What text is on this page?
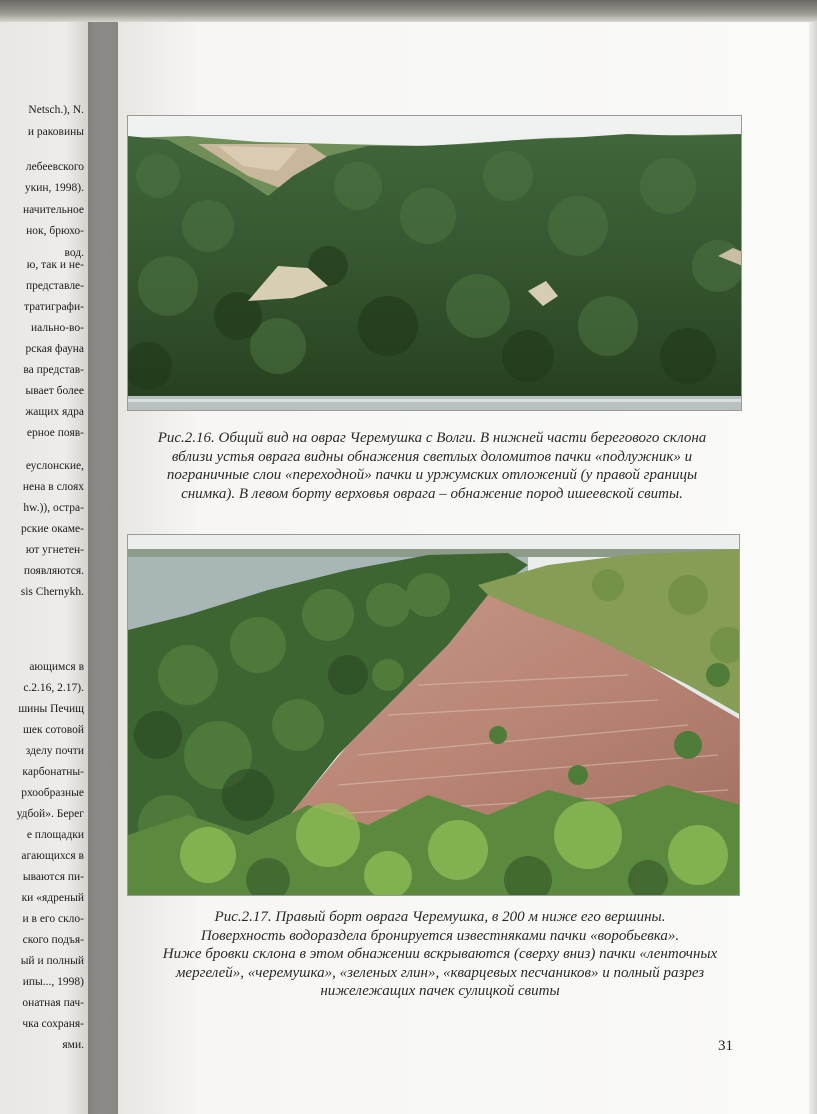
Netsch.), N.
и раковины
лебеевского
укин, 1998).
начительное
нок, брюхо-
вод.
ю, так и не-
представле-
тратиграфи-
иально-во-
рская фауна
ва представ-
ывает более
жащих ядра
ерное появ-
еуслонские,
нена в слоях
hw.)), остра-
рские окаме-
ют угнетен-
появляются.
sis Chernykh.
ающимся в
с.2.16, 2.17).
шины Печищ
шек сотовой
зделу почти
карбонатны-
рхообразные
удбой». Берег
е площадки
агающихся в
ываются пи-
ки «ядреный
и в его скло-
ского подъя-
ый и полный
ипы..., 1998)
онатная пач-
чка сохраня-
ями.
Рис.2.16. Общий вид на овраг Черемушка с Волги. В нижней части берегового склона
вблизи устья оврага видны обнажения светлых доломитов пачки «подлужник» и
пограничные слои «переходной» пачки и уржумских отложений (у правой границы
снимка). В левом борту верховья оврага – обнажение пород ишеевской свиты.
Рис.2.17. Правый борт оврага Черемушка, в 200 м ниже его вершины.
Поверхность водораздела бронируется известняками пачки «воробьевка».
Ниже бровки склона в этом обнажении вскрываются (сверху вниз) пачки «ленточных
мергелей», «черемушка», «зеленых глин», «кварцевых песчаников» и полный разрез
нижележащих пачек сулицкой свиты
31
